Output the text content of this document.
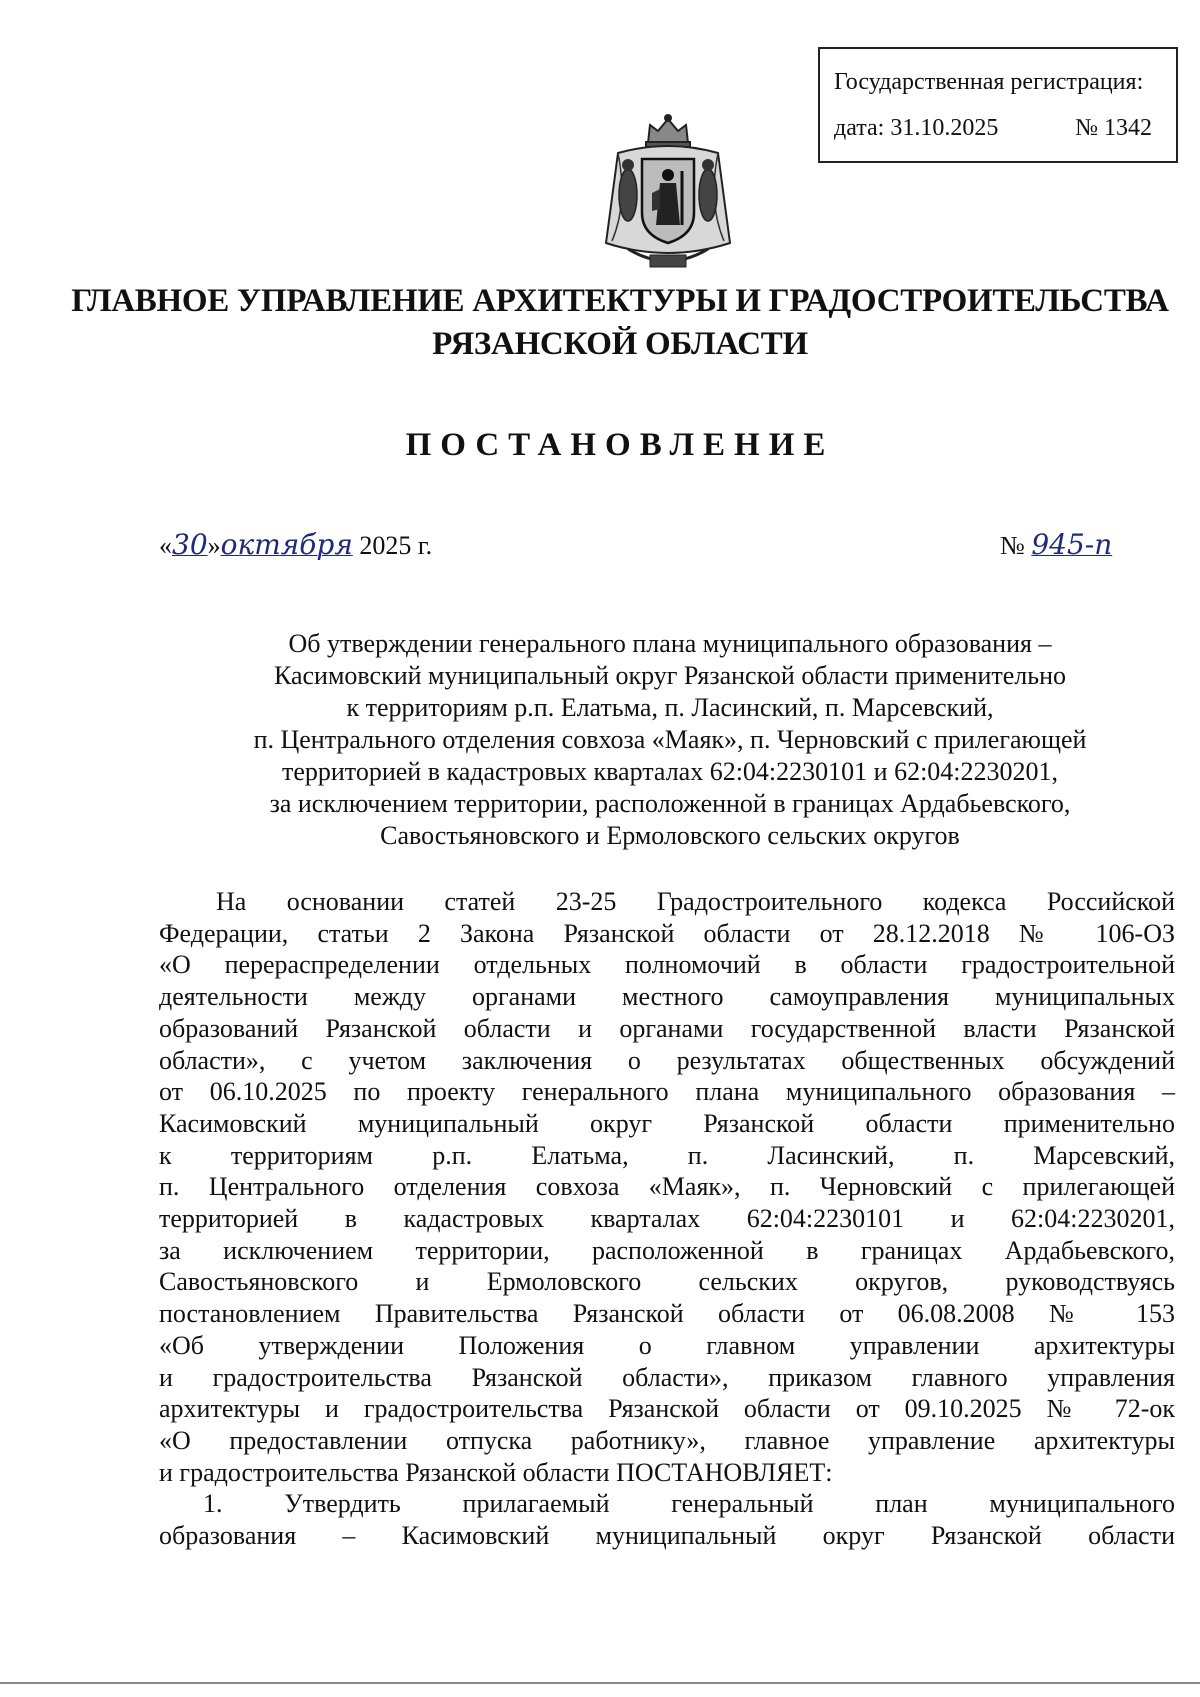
Государственная регистрация:
дата: 31.10.2025	№ 1342
ГЛАВНОЕ УПРАВЛЕНИЕ АРХИТЕКТУРЫ И ГРАДОСТРОИТЕЛЬСТВА
РЯЗАНСКОЙ ОБЛАСТИ
ПОСТАНОВЛЕНИЕ
«30»октября 2025 г.	№ 945-п
Об утверждении генерального плана муниципального образования –
Касимовский муниципальный округ Рязанской области применительно
к территориям р.п. Елатьма, п. Ласинский, п. Марсевский,
п. Центрального отделения совхоза «Маяк», п. Черновский с прилегающей
территорией в кадастровых кварталах 62:04:2230101 и 62:04:2230201,
за исключением территории, расположенной в границах Ардабьевского,
Савостьяновского и Ермоловского сельских округов
На основании статей 23-25 Градостроительного кодекса Российской
Федерации, статьи 2 Закона Рязанской области от 28.12.2018 № 106-ОЗ
«О перераспределении отдельных полномочий в области градостроительной
деятельности между органами местного самоуправления муниципальных
образований Рязанской области и органами государственной власти Рязанской
области», с учетом заключения о результатах общественных обсуждений
от 06.10.2025 по проекту генерального плана муниципального образования –
Касимовский муниципальный округ Рязанской области применительно
к территориям р.п. Елатьма, п. Ласинский, п. Марсевский,
п. Центрального отделения совхоза «Маяк», п. Черновский с прилегающей
территорией в кадастровых кварталах 62:04:2230101 и 62:04:2230201,
за исключением территории, расположенной в границах Ардабьевского,
Савостьяновского и Ермоловского сельских округов, руководствуясь
постановлением Правительства Рязанской области от 06.08.2008 № 153
«Об утверждении Положения о главном управлении архитектуры
и градостроительства Рязанской области», приказом главного управления
архитектуры и градостроительства Рязанской области от 09.10.2025 № 72-ок
«О предоставлении отпуска работнику», главное управление архитектуры
и градостроительства Рязанской области ПОСТАНОВЛЯЕТ:
1. Утвердить прилагаемый генеральный план муниципального
образования – Касимовский муниципальный округ Рязанской области
